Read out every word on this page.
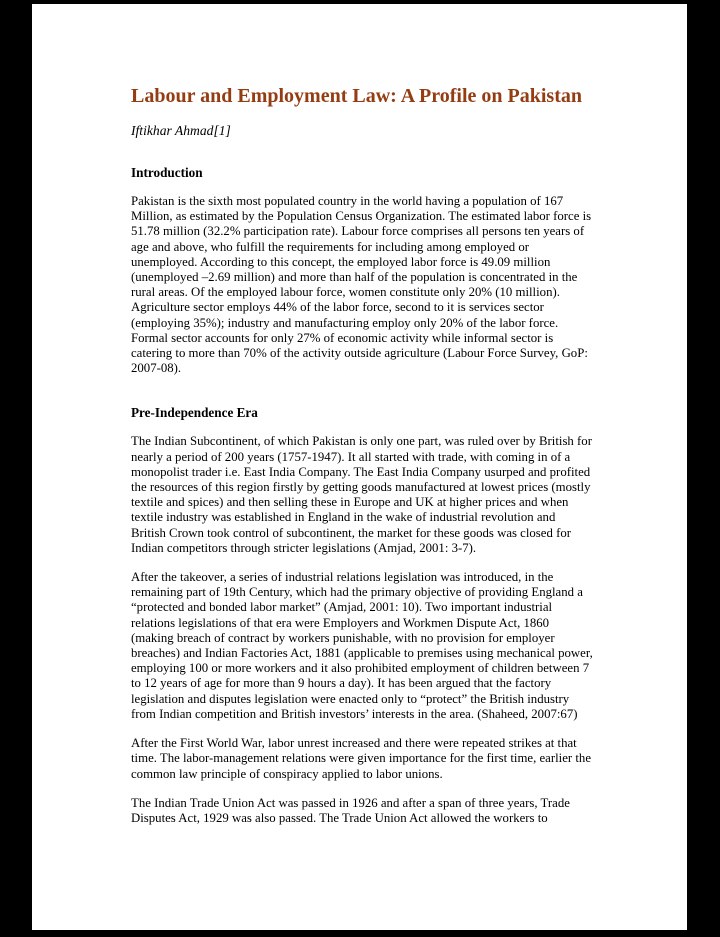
Labour and Employment Law: A Profile on Pakistan

Iftikhar Ahmad[1]

Introduction

Pakistan is the sixth most populated country in the world having a population of 167 Million, as estimated by the Population Census Organization. The estimated labor force is 51.78 million (32.2% participation rate). Labour force comprises all persons ten years of age and above, who fulfill the requirements for including among employed or unemployed. According to this concept, the employed labor force is 49.09 million (unemployed –2.69 million) and more than half of the population is concentrated in the rural areas. Of the employed labour force, women constitute only 20% (10 million). Agriculture sector employs 44% of the labor force, second to it is services sector (employing 35%); industry and manufacturing employ only 20% of the labor force. Formal sector accounts for only 27% of economic activity while informal sector is catering to more than 70% of the activity outside agriculture (Labour Force Survey, GoP: 2007-08).

Pre-Independence Era

The Indian Subcontinent, of which Pakistan is only one part, was ruled over by British for nearly a period of 200 years (1757-1947). It all started with trade, with coming in of a monopolist trader i.e. East India Company. The East India Company usurped and profited the resources of this region firstly by getting goods manufactured at lowest prices (mostly textile and spices) and then selling these in Europe and UK at higher prices and when textile industry was established in England in the wake of industrial revolution and British Crown took control of subcontinent, the market for these goods was closed for Indian competitors through stricter legislations (Amjad, 2001: 3-7).

After the takeover, a series of industrial relations legislation was introduced, in the remaining part of 19th Century, which had the primary objective of providing England a “protected and bonded labor market” (Amjad, 2001: 10). Two important industrial relations legislations of that era were Employers and Workmen Dispute Act, 1860 (making breach of contract by workers punishable, with no provision for employer breaches) and Indian Factories Act, 1881 (applicable to premises using mechanical power, employing 100 or more workers and it also prohibited employment of children between 7 to 12 years of age for more than 9 hours a day). It has been argued that the factory legislation and disputes legislation were enacted only to “protect” the British industry from Indian competition and British investors’ interests in the area. (Shaheed, 2007:67)

After the First World War, labor unrest increased and there were repeated strikes at that time. The labor-management relations were given importance for the first time, earlier the common law principle of conspiracy applied to labor unions.

The Indian Trade Union Act was passed in 1926 and after a span of three years, Trade Disputes Act, 1929 was also passed. The Trade Union Act allowed the workers to
